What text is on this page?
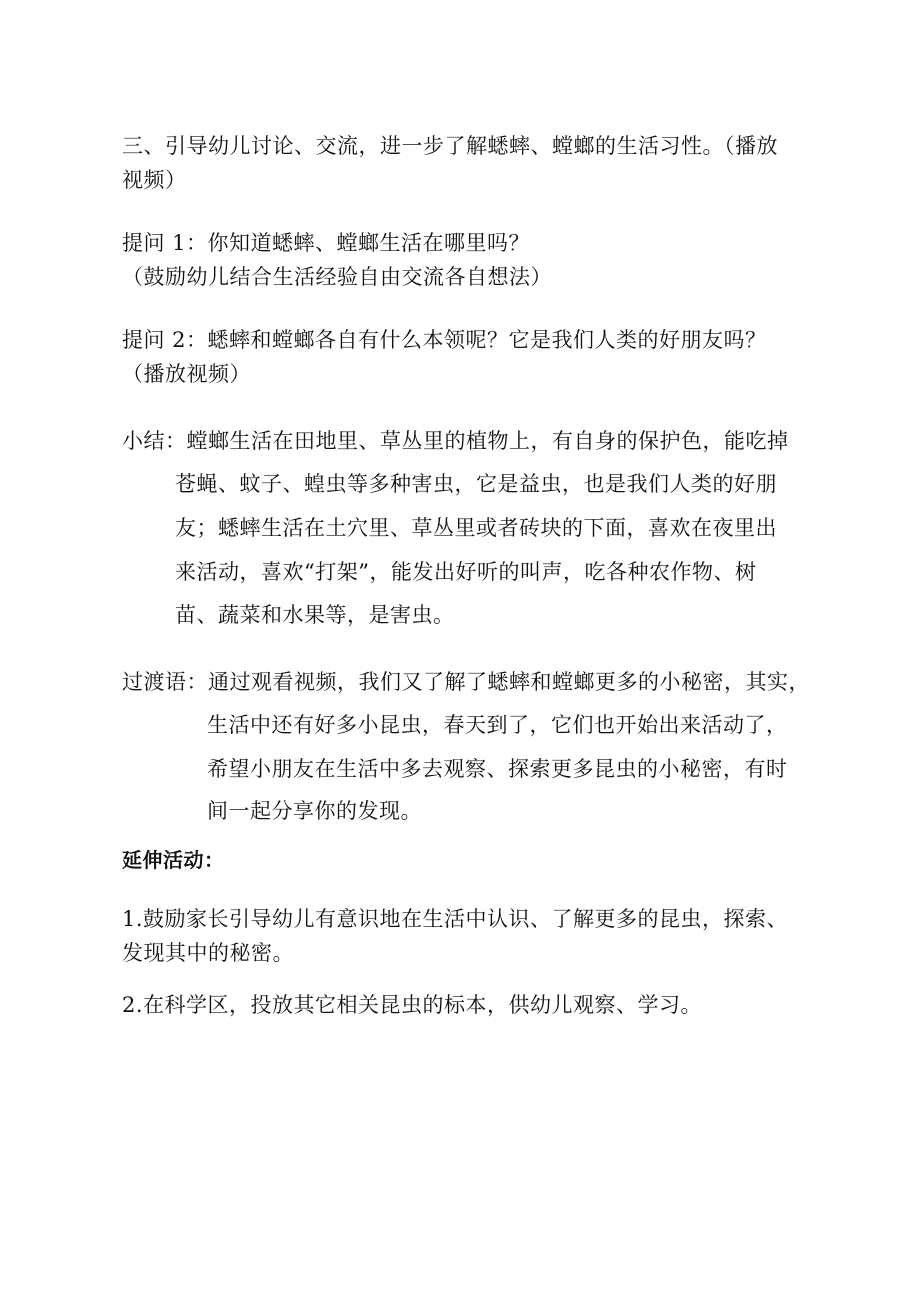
三、引导幼儿讨论、交流，进一步了解蟋蟀、螳螂的生活习性。（播放
视频）
提问 1：你知道蟋蟀、螳螂生活在哪里吗？
（鼓励幼儿结合生活经验自由交流各自想法）
提问 2：蟋蟀和螳螂各自有什么本领呢？它是我们人类的好朋友吗？
（播放视频）
小结：螳螂生活在田地里、草丛里的植物上，有自身的保护色，能吃掉
苍蝇、蚊子、蝗虫等多种害虫，它是益虫，也是我们人类的好朋
友；蟋蟀生活在土穴里、草丛里或者砖块的下面，喜欢在夜里出
来活动，喜欢“打架”，能发出好听的叫声，吃各种农作物、树
苗、蔬菜和水果等，是害虫。
过渡语：通过观看视频，我们又了解了蟋蟀和螳螂更多的小秘密，其实，
生活中还有好多小昆虫，春天到了，它们也开始出来活动了，
希望小朋友在生活中多去观察、探索更多昆虫的小秘密，有时
间一起分享你的发现。
延伸活动：
1.鼓励家长引导幼儿有意识地在生活中认识、了解更多的昆虫，探索、
发现其中的秘密。
2.在科学区，投放其它相关昆虫的标本，供幼儿观察、学习。
